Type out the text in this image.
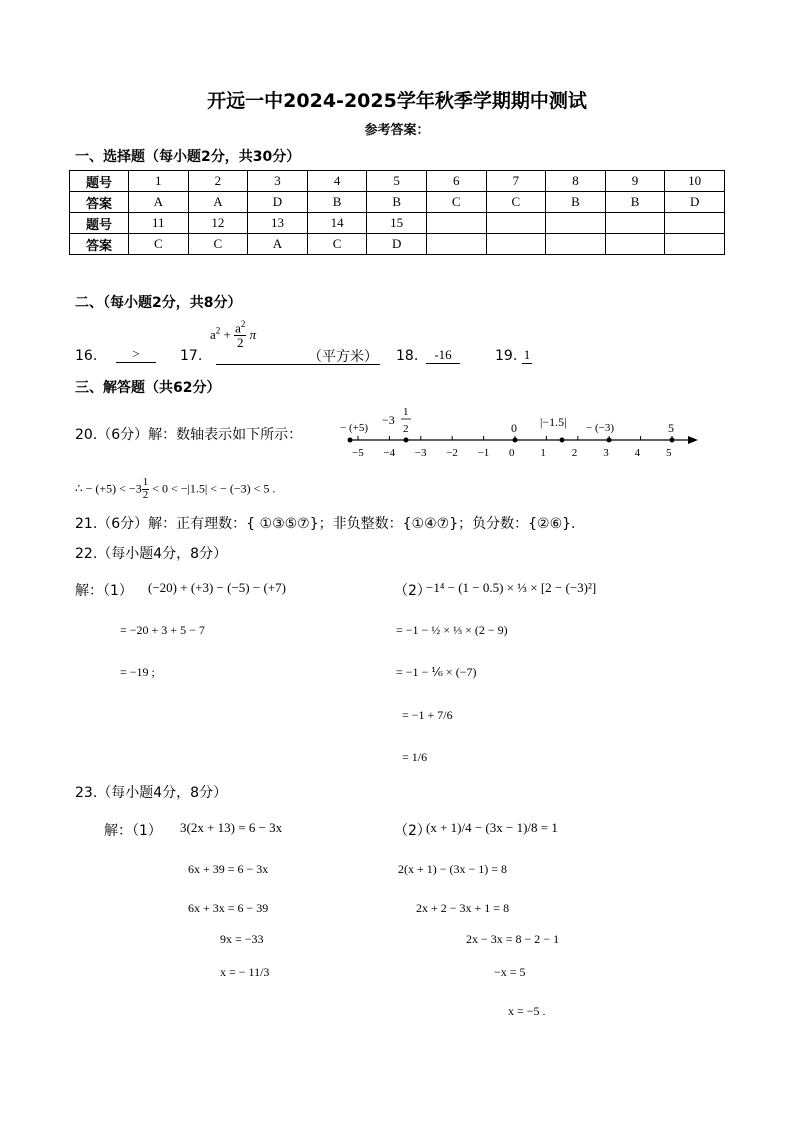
开远一中2024-2025学年秋季学期期中测试
参考答案：
一、选择题（每小题2分，共30分）
题号	1	2	3	4	5	6	7	8	9	10
答案	A	A	D	B	B	C	C	B	B	D
题号	11	12	13	14	15					
答案	C	C	A	C	D					
二、（每小题2分，共8分）
16.	>	17.
$a^2 + \frac{a^2}{2}$ π
（平方米） 18.	-16	19. 1
三、解答题（共62分）
20.（6分）解：数轴表示如下所示：
−5 −4 −3 −2 −1 0 1 2 3 4 5
− (+5)
−3
1
2	0 |−1.5| − (−3)	5
∴ − $(+5) < -3 \frac{1}{2} < 0 < -|1.5|$ < − (−3) < 5 .
21.（6分）解：正有理数：{ ①③⑤⑦}；非负整数：{①④⑦}；负分数：{②⑥}.
22.（每小题4分，8分）
解：（1） (−20) + (+3) − (−5) − (+7)
= −20 + 3 + 5 − 7
= −19 ;
（2）
−1⁴ − (1 − 0.5) × ⅓ × [2 − (−3)²]
= −1 − ½ × ⅓ × (2 − 9)
= −1 − ⅙ × (−7)
= −1 + 7/6
= 1/6
23.（每小题4分，8分）
解：（1） 3(2x + 13) = 6 − 3x
6x + 39 = 6 − 3x
6x + 3x = 6 − 39
9x = −33
x = − 11/3
（2）
(x + 1)/4 − (3x − 1)/8 = 1
2(x + 1) − (3x − 1) = 8
2x + 2 − 3x + 1 = 8
2x − 3x = 8 − 2 − 1
−x = 5
x = −5 .
